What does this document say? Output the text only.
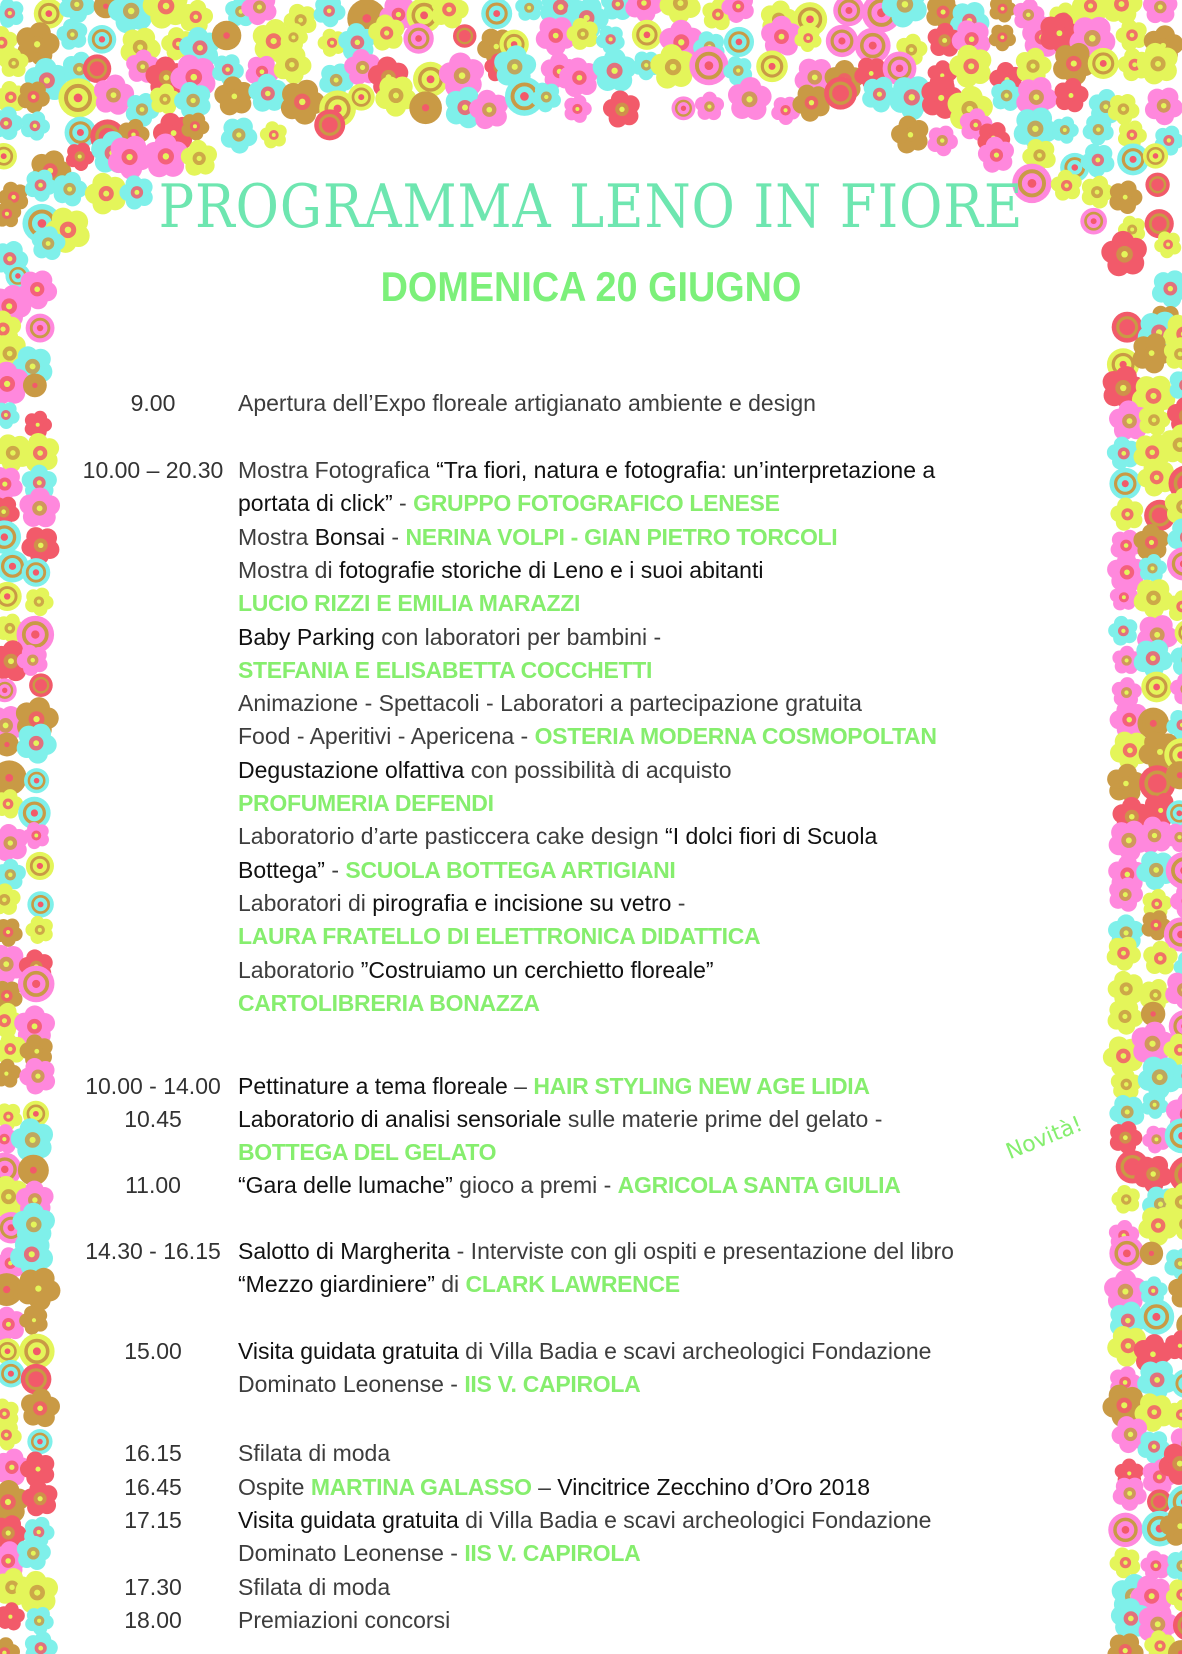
PROGRAMMA LENO IN FIORE
DOMENICA 20 GIUGNO
9.00	Apertura dell’Expo floreale artigianato ambiente e design
10.00 – 20.30 Mostra Fotografica “Tra fiori, natura e fotografia: un’interpretazione a
portata di click” - GRUPPO FOTOGRAFICO LENESE
Mostra Bonsai - NERINA VOLPI - GIAN PIETRO TORCOLI
Mostra di fotografie storiche di Leno e i suoi abitanti
LUCIO RIZZI E EMILIA MARAZZI
Baby Parking con laboratori per bambini -
STEFANIA E ELISABETTA COCCHETTI
Animazione - Spettacoli - Laboratori a partecipazione gratuita
Food - Aperitivi - Apericena - OSTERIA MODERNA COSMOPOLTAN
Degustazione olfattiva con possibilità di acquisto
PROFUMERIA DEFENDI
Laboratorio d’arte pasticcera cake design “I dolci fiori di Scuola
Bottega” - SCUOLA BOTTEGA ARTIGIANI
Laboratori di pirografia e incisione su vetro -
LAURA FRATELLO DI ELETTRONICA DIDATTICA
Laboratorio ”Costruiamo un cerchietto floreale”
CARTOLIBRERIA BONAZZA
10.00 - 14.00 Pettinature a tema floreale – HAIR STYLING NEW AGE LIDIA
10.45	Laboratorio di analisi sensoriale sulle materie prime del gelato -
BOTTEGA DEL GELATO
11.00	“Gara delle lumache” gioco a premi - AGRICOLA SANTA GIULIA
14.30 - 16.15 Salotto di Margherita - Interviste con gli ospiti e presentazione del libro
“Mezzo giardiniere” di CLARK LAWRENCE
15.00	Visita guidata gratuita di Villa Badia e scavi archeologici Fondazione
Dominato Leonense - IIS V. CAPIROLA
16.15	Sfilata di moda
16.45	Ospite MARTINA GALASSO – Vincitrice Zecchino d’Oro 2018
17.15	Visita guidata gratuita di Villa Badia e scavi archeologici Fondazione
Dominato Leonense - IIS V. CAPIROLA
17.30	Sfilata di moda
18.00	Premiazioni concorsi
Novità!
